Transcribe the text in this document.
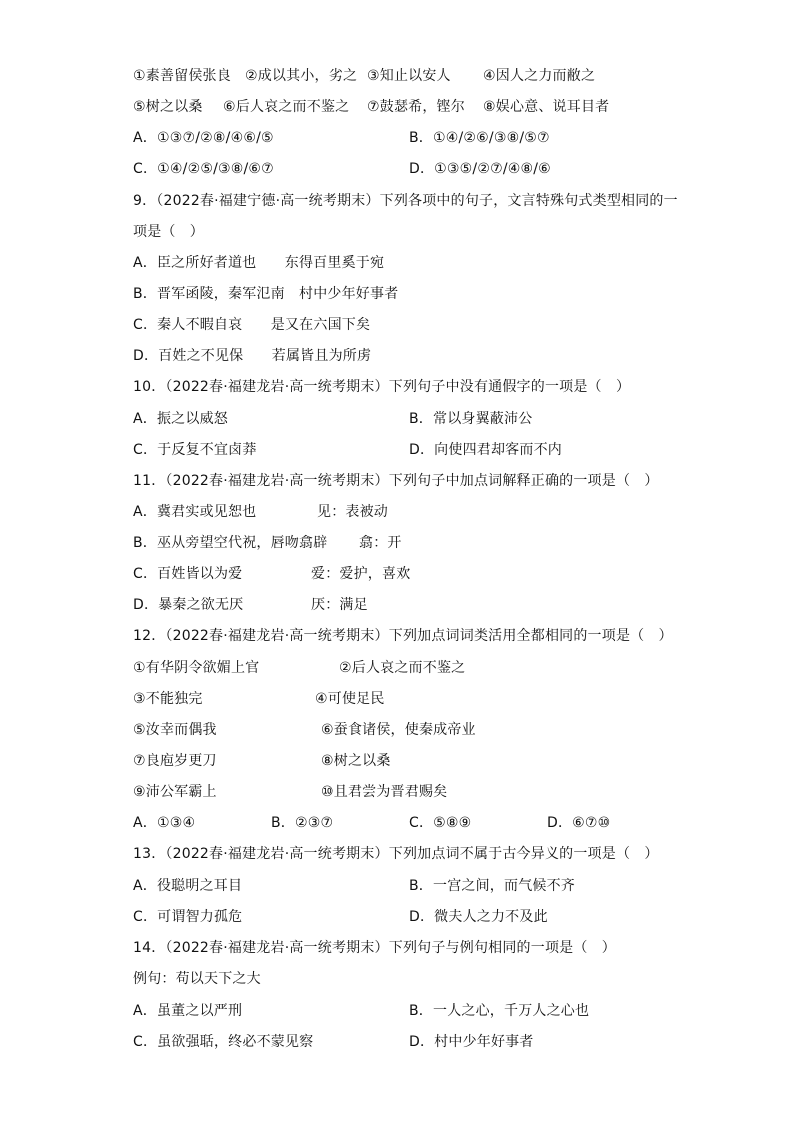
①素善留侯张良 ②成以其小，劣之 ③知止以安人 ④因人之力而敝之
⑤树之以桑 ⑥后人哀之而不鉴之 ⑦鼓瑟希，铿尔 ⑧娱心意、说耳目者
A．①③⑦/②⑧/④⑥/⑤	B．①④/②⑥/③⑧/⑤⑦
C．①④/②⑤/③⑧/⑥⑦	D．①③⑤/②⑦/④⑧/⑥
9．（2022春·福建宁德·高一统考期末）下列各项中的句子，文言特殊句式类型相同的一
项是（　）
A．臣之所好者道也　　东得百里奚于宛
B．晋军函陵，秦军氾南　村中少年好事者
C．秦人不暇自哀　　是又在六国下矣
D．百姓之不见保　　若属皆且为所虏
10．（2022春·福建龙岩·高一统考期末）下列句子中没有通假字的一项是（　）
A．振之以威怒	B．常以身翼蔽沛公
C．于反复不宜卤莽	D．向使四君却客而不内
11．（2022春·福建龙岩·高一统考期末）下列句子中加点词解释正确的一项是（　）
A．冀君实或见恕也	见：表被动
B．巫从旁望空代祝，唇吻翕辟 翕：开
C．百姓皆以为爱	爱：爱护，喜欢
D．暴秦之欲无厌	厌：满足
12．（2022春·福建龙岩·高一统考期末）下列加点词词类活用全都相同的一项是（　）
①有华阴令欲媚上官	②后人哀之而不鉴之
③不能独完	④可使足民
⑤汝幸而偶我	⑥蚕食诸侯，使秦成帝业
⑦良庖岁更刀	⑧树之以桑
⑨沛公军霸上	⑩且君尝为晋君赐矣
A．①③④	B．②③⑦	C．⑤⑧⑨	D．⑥⑦⑩
13．（2022春·福建龙岩·高一统考期末）下列加点词不属于古今异义的一项是（　）
A．役聪明之耳目	B．一宫之间，而气候不齐
C．可谓智力孤危	D．微夫人之力不及此
14．（2022春·福建龙岩·高一统考期末）下列句子与例句相同的一项是（　）
例句：苟以天下之大
A．虽董之以严刑	B．一人之心，千万人之心也
C．虽欲强聒，终必不蒙见察	D．村中少年好事者
